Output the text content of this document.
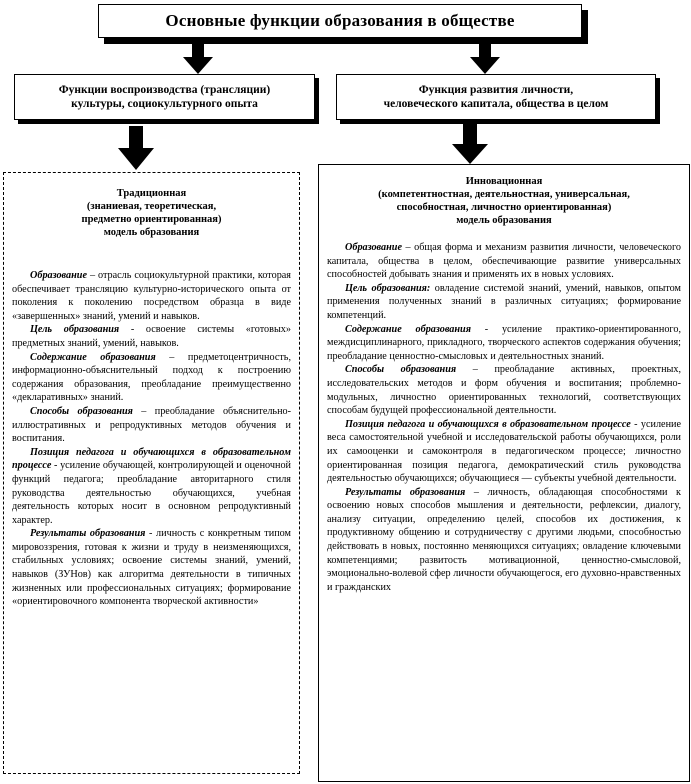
Основные функции образования в обществе
Функции воспроизводства (трансляции)
культуры, социокультурного опыта
Функция развития личности,
человеческого капитала, общества в целом
Традиционная
(знаниевая, теоретическая,
предметно ориентированная)
модель образования

Образование – отрасль социокультурной практики, которая обеспечивает трансляцию культурно-исторического опыта от поколения к поколению посредством образца в виде «завершенных» знаний, умений и навыков.

Цель образования - освоение системы «готовых» предметных знаний, умений, навыков.

Содержание образования – предметоцентричность, информационно-объяснительный подход к построению содержания образования, преобладание преимущественно «декларативных» знаний.

Способы образования – преобладание объяснительно-иллюстративных и репродуктивных методов обучения и воспитания.

Позиция педагога и обучающихся в образовательном процессе - усиление обучающей, контролирующей и оценочной функций педагога; преобладание авторитарного стиля руководства деятельностью обучающихся, учебная деятельность которых носит в основном репродуктивный характер.

Результаты образования - личность с конкретным типом мировоззрения, готовая к жизни и труду в неизменяющихся, стабильных условиях; освоение системы знаний, умений, навыков (ЗУНов) как алгоритма деятельности в типичных жизненных или профессиональных ситуациях; формирование «ориентировочного компонента творческой активности»

Инновационная
(компетентностная, деятельностная, универсальная,
способностная, личностно ориентированная)
модель образования

Образование – общая форма и механизм развития личности, человеческого капитала, общества в целом, обеспечивающие развитие универсальных способностей добывать знания и применять их в новых условиях.

Цель образования: овладение системой знаний, умений, навыков, опытом применения полученных знаний в различных ситуациях; формирование компетенций.

Содержание образования - усиление практико-ориентированного, междисциплинарного, прикладного, творческого аспектов содержания обучения; преобладание ценностно-смысловых и деятельностных знаний.

Способы образования – преобладание активных, проектных, исследовательских методов и форм обучения и воспитания; проблемно-модульных, личностно ориентированных технологий, соответствующих способам будущей профессиональной деятельности.

Позиция педагога и обучающихся в образовательном процессе - усиление веса самостоятельной учебной и исследовательской работы обучающихся, роли их самооценки и самоконтроля в педагогическом процессе; личностно ориентированная позиция педагога, демократический стиль руководства деятельностью обучающихся; обучающиеся — субъекты учебной деятельности.

Результаты образования – личность, обладающая способностями к освоению новых способов мышления и деятельности, рефлексии, диалогу, анализу ситуации, определению целей, способов их достижения, к продуктивному общению и сотрудничеству с другими людьми, способностью действовать в новых, постоянно меняющихся ситуациях; овладение ключевыми компетенциями; развитость мотивационной, ценностно-смысловой, эмоционально-волевой сфер личности обучающегося, его духовно-нравственных и гражданских
